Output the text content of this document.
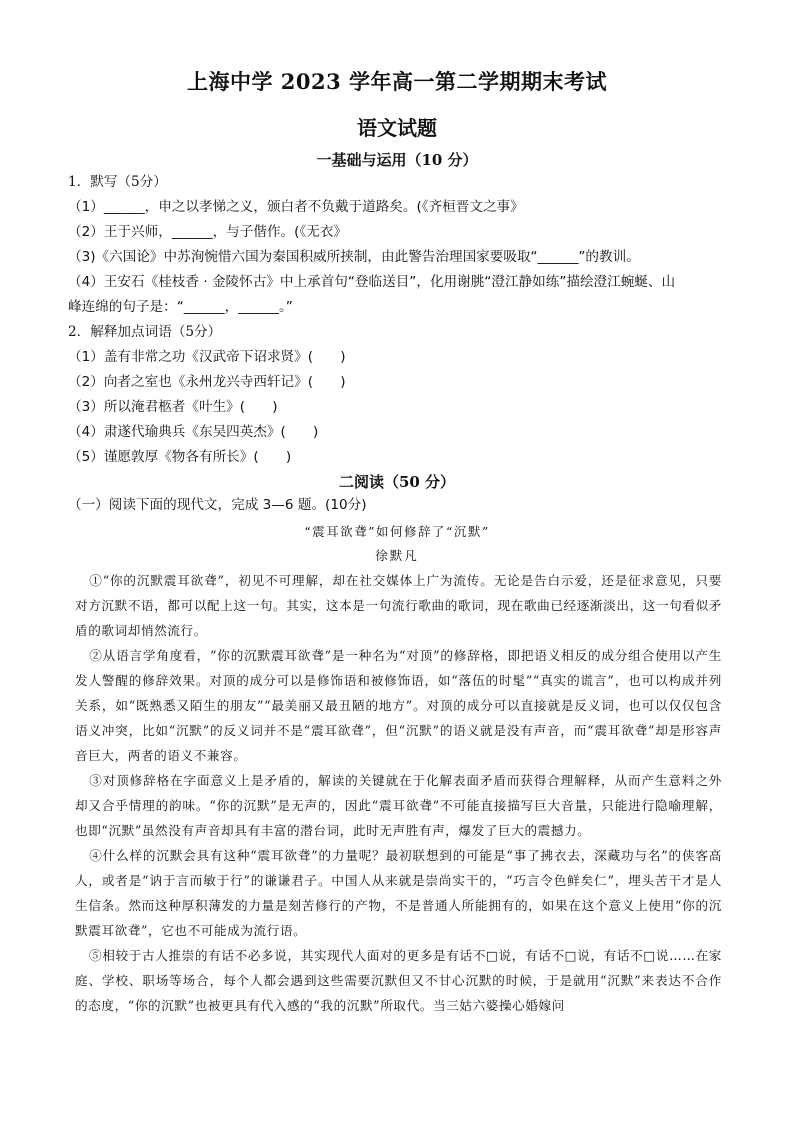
上海中学 2023 学年高一第二学期期末考试
语文试题
一基础与运用（10 分）
1．默写（5分）
（1）______，申之以孝悌之义，颁白者不负戴于道路矣。(《齐桓晋文之事》
（2）王于兴师，______，与子偕作。(《无衣》
（3)《六国论》中苏洵惋惜六国为秦国积威所挟制，由此警告治理国家要吸取“______”的教训。
（4）王安石《桂枝香 · 金陵怀古》中上承首句“登临送目”，化用谢朓“澄江静如练”描绘澄江蜿蜒、山
峰连绵的句子是：“______，______。”
2．解释加点词语（5分）
（1）盖有非常之功《汉武帝下诏求贤》(　　)
（2）向者之室也《永州龙兴寺西轩记》(　　)
（3）所以淹君柩者《叶生》(　　)
（4）肃遂代瑜典兵《东吴四英杰》(　　)
（5）谨愿敦厚《物各有所长》(　　)
二阅读（50 分）
（一）阅读下面的现代文，完成 3—6 题。(10分)
“震耳欲聋”如何修辞了“沉默”
徐默凡
①“你的沉默震耳欲聋”，初见不可理解，却在社交媒体上广为流传。无论是告白示爱，还是征求意见，只要对方沉默不语，都可以配上这一句。其实，这本是一句流行歌曲的歌词，现在歌曲已经逐渐淡出，这一句看似矛盾的歌词却悄然流行。
②从语言学角度看，“你的沉默震耳欲聋”是一种名为“对顶”的修辞格，即把语义相反的成分组合使用以产生发人警醒的修辞效果。对顶的成分可以是修饰语和被修饰语，如“落伍的时髦”“真实的谎言”，也可以构成并列关系，如“既熟悉又陌生的朋友”“最美丽又最丑陋的地方”。对顶的成分可以直接就是反义词，也可以仅仅包含语义冲突，比如“沉默”的反义词并不是“震耳欲聋”，但“沉默”的语义就是没有声音，而“震耳欲聋”却是形容声音巨大，两者的语义不兼容。
③对顶修辞格在字面意义上是矛盾的，解读的关键就在于化解表面矛盾而获得合理解释，从而产生意料之外却又合乎情理的韵味。“你的沉默”是无声的，因此“震耳欲聋”不可能直接描写巨大音量，只能进行隐喻理解，也即“沉默”虽然没有声音却具有丰富的潜台词，此时无声胜有声，爆发了巨大的震撼力。
④什么样的沉默会具有这种“震耳欲聋”的力量呢？最初联想到的可能是“事了拂衣去，深藏功与名”的侠客高人，或者是“讷于言而敏于行”的谦谦君子。中国人从来就是崇尚实干的，“巧言令色鲜矣仁”，埋头苦干才是人生信条。然而这种厚积薄发的力量是刻苦修行的产物，不是普通人所能拥有的，如果在这个意义上使用“你的沉默震耳欲聋”，它也不可能成为流行语。
⑤相较于古人推崇的有话不必多说，其实现代人面对的更多是有话不□说，有话不□说，有话不□说……在家庭、学校、职场等场合，每个人都会遇到这些需要沉默但又不甘心沉默的时候，于是就用“沉默”来表达不合作的态度，“你的沉默”也被更具有代入感的“我的沉默”所取代。当三姑六婆操心婚嫁问
